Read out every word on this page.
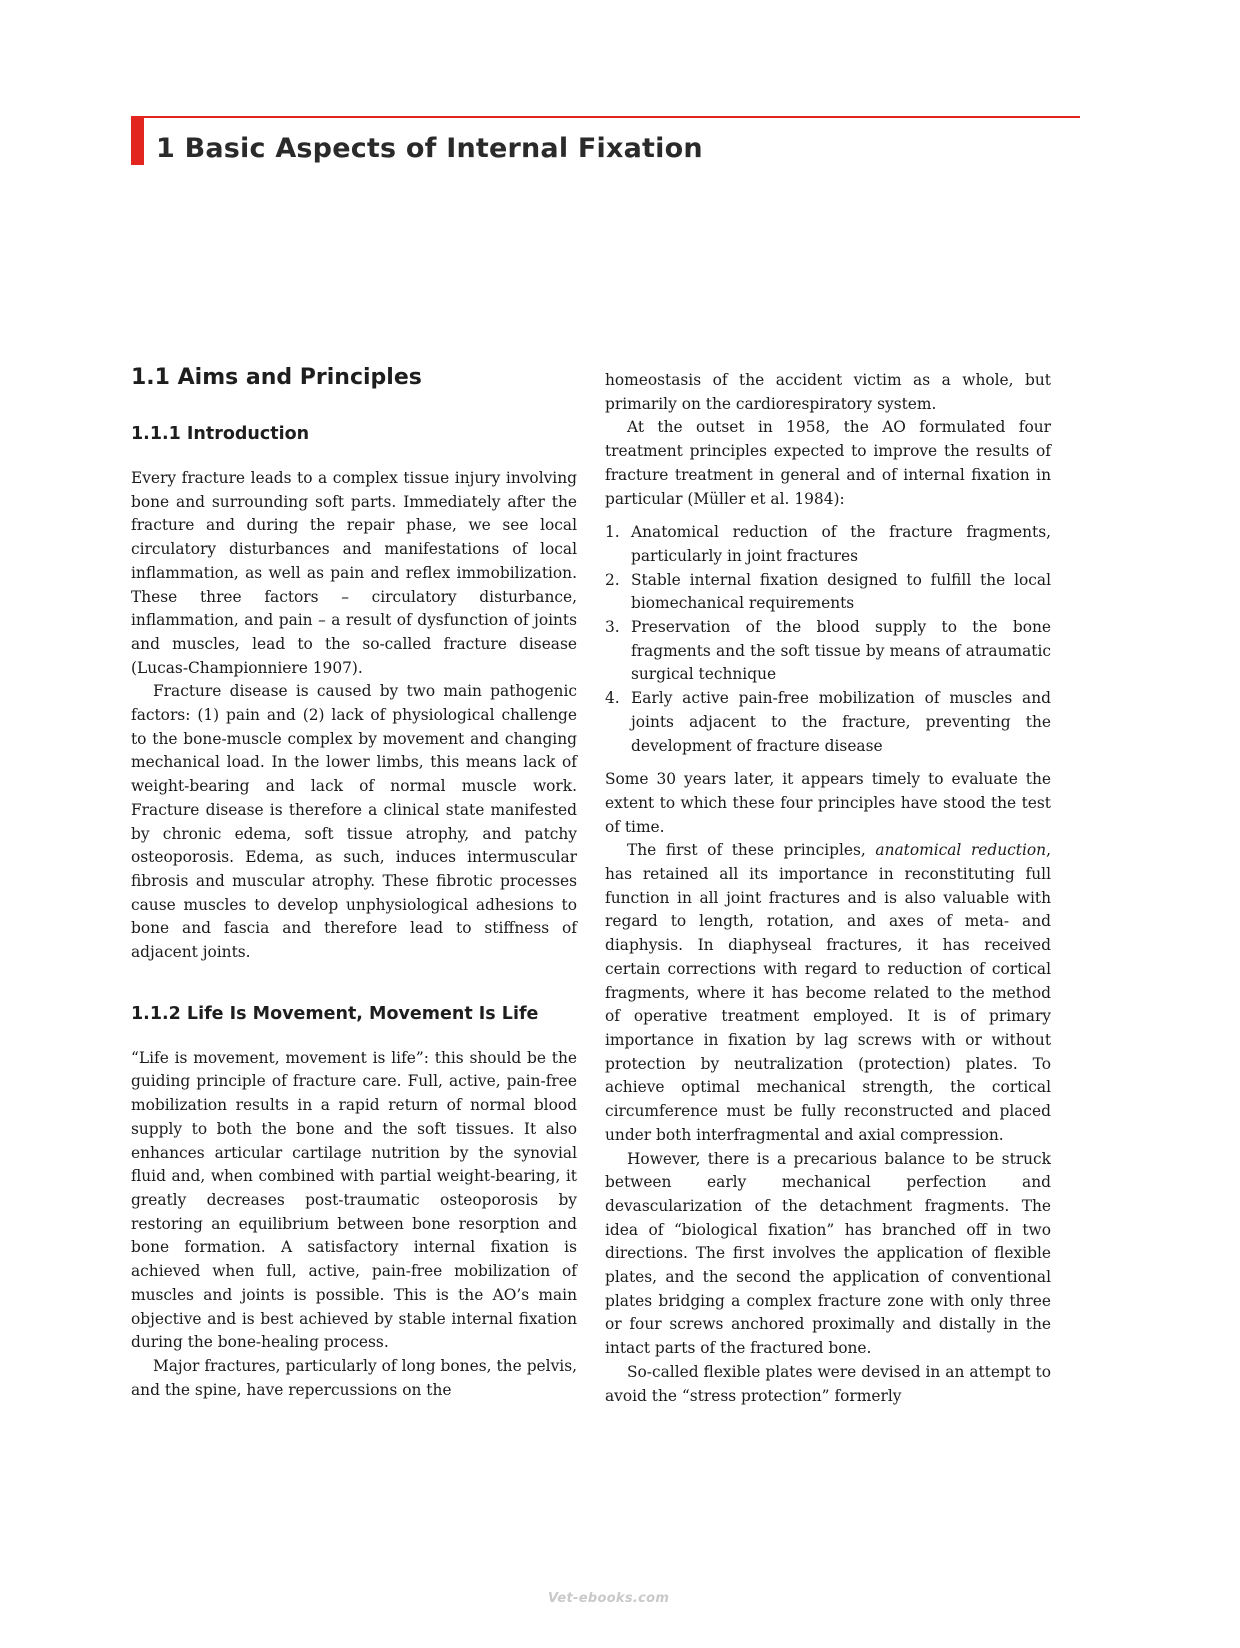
1 Basic Aspects of Internal Fixation
1.1 Aims and Principles
1.1.1 Introduction

Every fracture leads to a complex tissue injury involving bone and surrounding soft parts. Immediately after the fracture and during the repair phase, we see local circulatory disturbances and manifestations of local inflammation, as well as pain and reflex immobilization. These three factors – circulatory disturbance, inflammation, and pain – a result of dysfunction of joints and muscles, lead to the so-called fracture disease (Lucas-Championniere 1907).

Fracture disease is caused by two main pathogenic factors: (1) pain and (2) lack of physiological challenge to the bone-muscle complex by movement and changing mechanical load. In the lower limbs, this means lack of weight-bearing and lack of normal muscle work. Fracture disease is therefore a clinical state manifested by chronic edema, soft tissue atrophy, and patchy osteoporosis. Edema, as such, induces intermuscular fibrosis and muscular atrophy. These fibrotic processes cause muscles to develop unphysiological adhesions to bone and fascia and therefore lead to stiffness of adjacent joints.

1.1.2 Life Is Movement, Movement Is Life

“Life is movement, movement is life”: this should be the guiding principle of fracture care. Full, active, pain-free mobilization results in a rapid return of normal blood supply to both the bone and the soft tissues. It also enhances articular cartilage nutrition by the synovial fluid and, when combined with partial weight-bearing, it greatly decreases post-traumatic osteoporosis by restoring an equilibrium between bone resorption and bone formation. A satisfactory internal fixation is achieved when full, active, pain-free mobilization of muscles and joints is possible. This is the AO’s main objective and is best achieved by stable internal fixation during the bone-healing process.

Major fractures, particularly of long bones, the pelvis, and the spine, have repercussions on the

homeostasis of the accident victim as a whole, but primarily on the cardiorespiratory system.

At the outset in 1958, the AO formulated four treatment principles expected to improve the results of fracture treatment in general and of internal fixation in particular (Müller et al. 1984):

1. Anatomical reduction of the fracture fragments, particularly in joint fractures
2. Stable internal fixation designed to fulfill the local biomechanical requirements
3. Preservation of the blood supply to the bone fragments and the soft tissue by means of atraumatic surgical technique
4. Early active pain-free mobilization of muscles and joints adjacent to the fracture, preventing the development of fracture disease

Some 30 years later, it appears timely to evaluate the extent to which these four principles have stood the test of time.

The first of these principles, anatomical reduction, has retained all its importance in reconstituting full function in all joint fractures and is also valuable with regard to length, rotation, and axes of meta- and diaphysis. In diaphyseal fractures, it has received certain corrections with regard to reduction of cortical fragments, where it has become related to the method of operative treatment employed. It is of primary importance in fixation by lag screws with or without protection by neutralization (protection) plates. To achieve optimal mechanical strength, the cortical circumference must be fully reconstructed and placed under both interfragmental and axial compression.

However, there is a precarious balance to be struck between early mechanical perfection and devascularization of the detachment fragments. The idea of “biological fixation” has branched off in two directions. The first involves the application of flexible plates, and the second the application of conventional plates bridging a complex fracture zone with only three or four screws anchored proximally and distally in the intact parts of the fractured bone.

So-called flexible plates were devised in an attempt to avoid the “stress protection” formerly

Vet-ebooks.com
